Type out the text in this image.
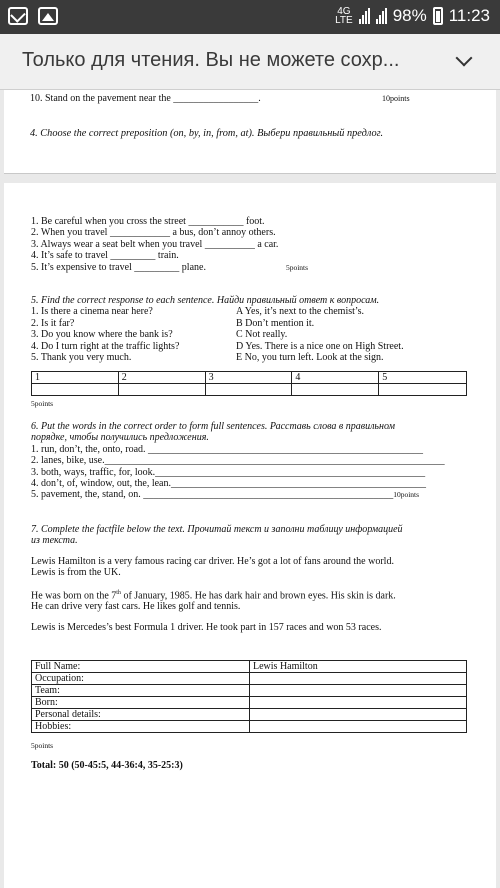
4G
LTE 98% 11:23
Только для чтения. Вы не можете сохр...
10. Stand on the pavement near the _________________.	10points
4. Choose the correct preposition (on, by, in, from, at). Выбери правильный предлог.
1. Be careful when you cross the street ___________ foot.
2. When you travel ____________ a bus, don’t annoy others.
3. Always wear a seat belt when you travel __________ a car.
4. It’s safe to travel _________ train.
5. It’s expensive to travel _________ plane.	5points
5. Find the correct response to each sentence. Найди правильный ответ к вопросам.
1. Is there a cinema near here?
2. Is it far?
3. Do you know where the bank is?
4. Do I turn right at the traffic lights?
5. Thank you very much.
A Yes, it’s next to the chemist’s.
B Don’t mention it.
C Not really.
D Yes. There is a nice one on High Street.
E No, you turn left. Look at the sign.
1	2	3	4	5

5points
6. Put the words in the correct order to form full sentences. Расставь слова в правильном
порядке, чтобы получились предложения.
1. run, don’t, the, onto, road. _______________________________________________________
2. lanes, bike, use.____________________________________________________________________
3. both, ways, traffic, for, look.______________________________________________________
4. don’t, of, window, out, the, lean.___________________________________________________
5. pavement, the, stand, on. __________________________________________________10points
7. Complete the factfile below the text. Прочитай текст и заполни таблицу информацией
из текста.
Lewis Hamilton is a very famous racing car driver. He’s got a lot of fans around the world.
Lewis is from the UK.
He was born on the 7th of January, 1985. He has dark hair and brown eyes. His skin is dark.
He can drive very fast cars. He likes golf and tennis.
Lewis is Mercedes’s best Formula 1 driver. He took part in 157 races and won 53 races.
Full Name:	Lewis Hamilton
Occupation:	
Team:	
Born:	
Personal details:	
Hobbies:	
5points
Total: 50 (50-45:5, 44-36:4, 35-25:3)
